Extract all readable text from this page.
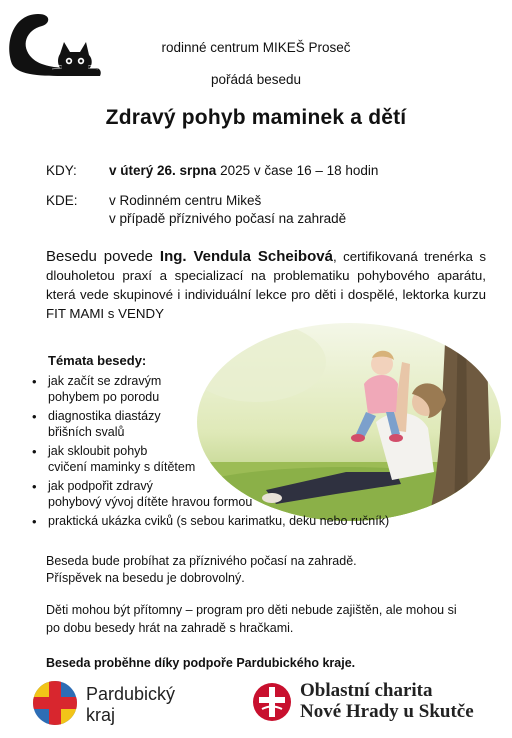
rodinné centrum MIKEŠ Proseč
pořádá besedu
Zdravý pohyb maminek a dětí
KDY: v úterý 26. srpna 2025 v čase 16 – 18 hodin
KDE: v Rodinném centru Mikeš
v případě příznivého počasí na zahradě
Besedu povede Ing. Vendula Scheibová, certifikovaná trenérka s dlouholetou praxí a specializací na problematiku pohybového aparátu, která vede skupinové i individuální lekce pro děti i dospělé, lektorka kurzu FIT MAMI s VENDY
Témata besedy:
• jak začít se zdravým
pohybem po porodu
• diagnostika diastázy
břišních svalů
• jak skloubit pohyb
cvičení maminky s dítětem
• jak podpořit zdravý
pohybový vývoj dítěte hravou formou
• praktická ukázka cviků (s sebou karimatku, deku nebo ručník)
Beseda bude probíhat za příznivého počasí na zahradě.
Příspěvek na besedu je dobrovolný.
Děti mohou být přítomny – program pro děti nebude zajištěn, ale mohou si
po dobu besedy hrát na zahradě s hračkami.
Beseda proběhne díky podpoře Pardubického kraje.
Pardubický
kraj
Oblastní charita
Nové Hrady u Skutče
